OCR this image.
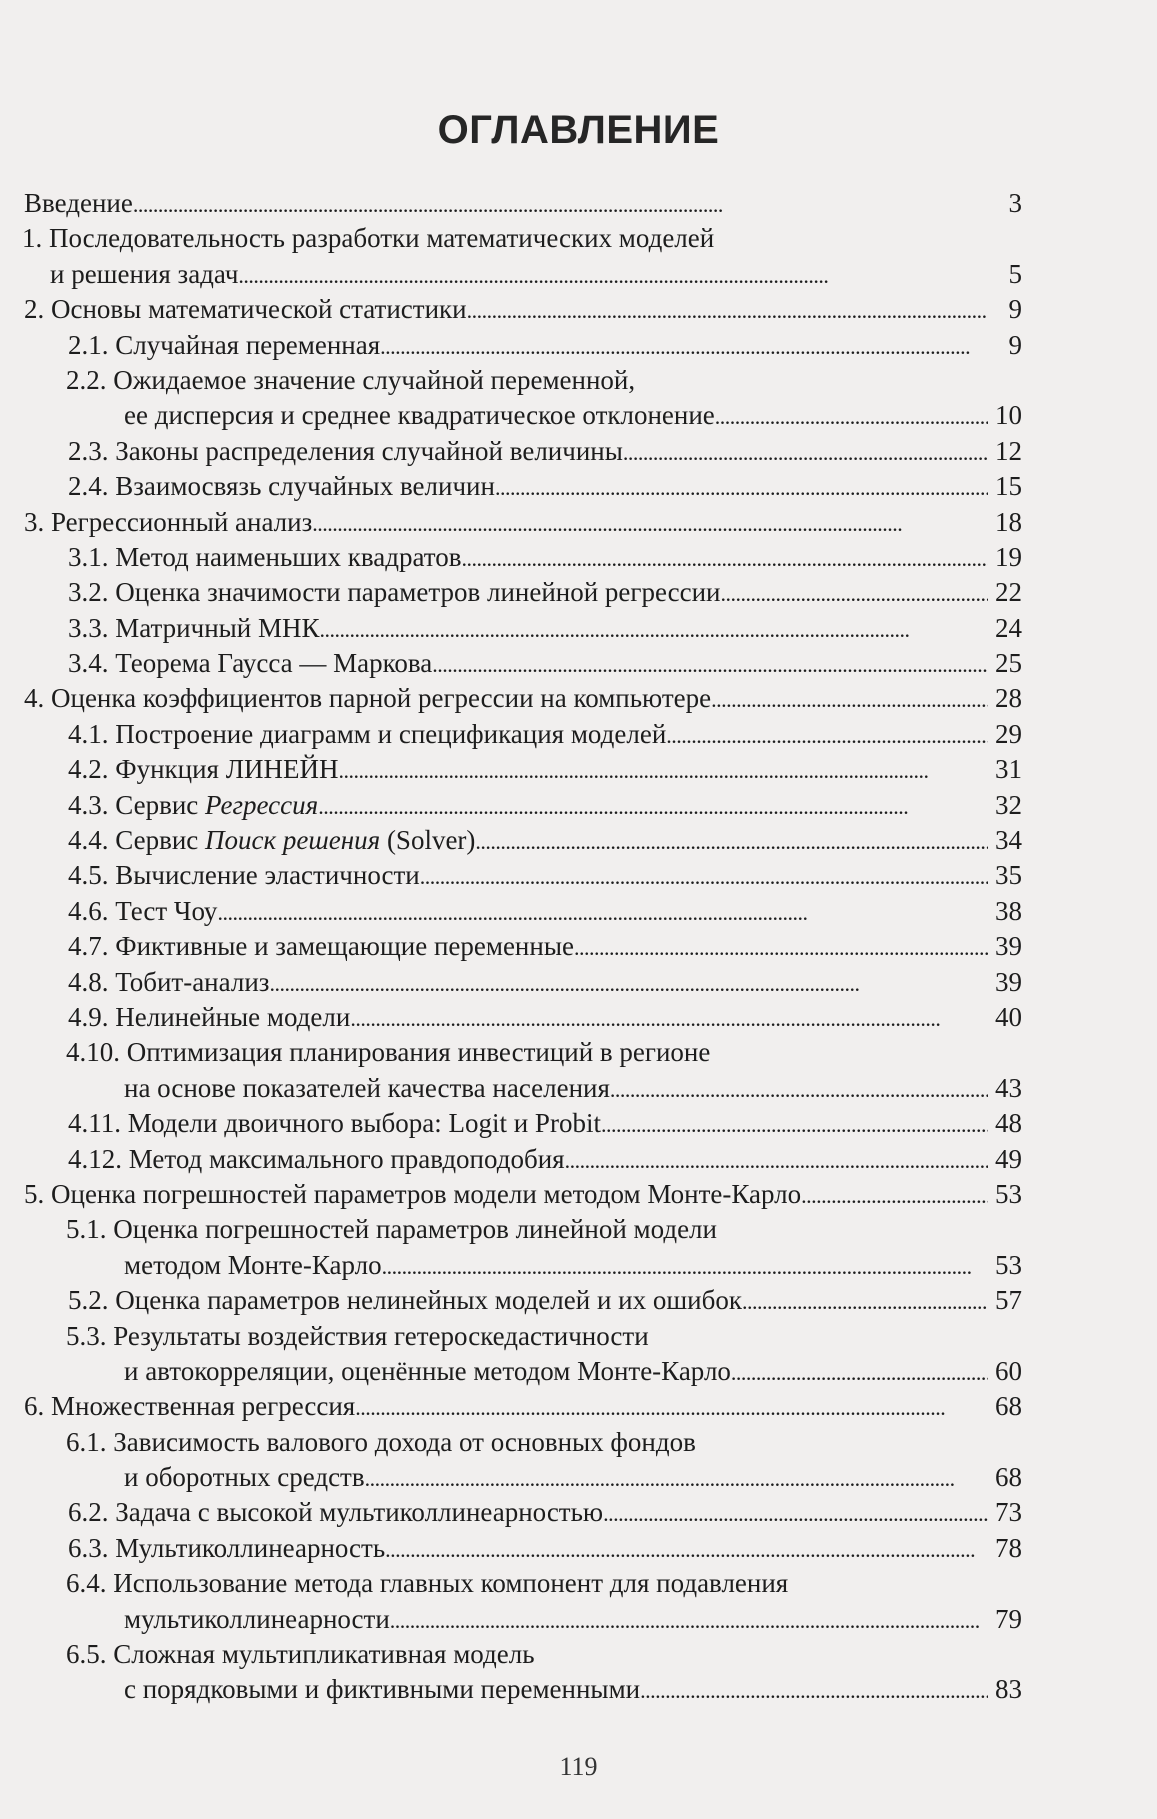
ОГЛАВЛЕНИЕ
Введение . . .	3
1. Последовательность разработки математических моделей
и решения задач . . .	5
2. Основы математической статистики . . .	9
2.1. Случайная переменная . . .	9
2.2. Ожидаемое значение случайной переменной,
ее дисперсия и среднее квадратическое отклонение . . .	10
2.3. Законы распределения случайной величины . . .	12
2.4. Взаимосвязь случайных величин . . .	15
3. Регрессионный анализ . . .	18
3.1. Метод наименьших квадратов . . .	19
3.2. Оценка значимости параметров линейной регрессии . . .	22
3.3. Матричный МНК . . .	24
3.4. Теорема Гаусса — Маркова . . .	25
4. Оценка коэффициентов парной регрессии на компьютере . . .	28
4.1. Построение диаграмм и спецификация моделей . . .	29
4.2. Функция ЛИНЕЙН . . .	31
4.3. Сервис Регрессия . . .	32
4.4. Сервис Поиск решения (Solver) . . .	34
4.5. Вычисление эластичности . . .	35
4.6. Тест Чоу . . .	38
4.7. Фиктивные и замещающие переменные . . .	39
4.8. Тобит-анализ . . .	39
4.9. Нелинейные модели . . .	40
4.10. Оптимизация планирования инвестиций в регионе
на основе показателей качества населения . . .	43
4.11. Модели двоичного выбора: Logit и Probit . . .	48
4.12. Метод максимального правдоподобия . . .	49
5. Оценка погрешностей параметров модели методом Монте-Карло . . .	53
5.1. Оценка погрешностей параметров линейной модели
методом Монте-Карло . . .	53
5.2. Оценка параметров нелинейных моделей и их ошибок . . .	57
5.3. Результаты воздействия гетероскедастичности
и автокорреляции, оценённые методом Монте-Карло . . .	60
6. Множественная регрессия . . .	68
6.1. Зависимость валового дохода от основных фондов
и оборотных средств . . .	68
6.2. Задача с высокой мультиколлинеарностью . . .	73
6.3. Мультиколлинеарность . . .	78
6.4. Использование метода главных компонент для подавления
мультиколлинеарности . . .	79
6.5. Сложная мультипликативная модель
с порядковыми и фиктивными переменными . . .	83
119
